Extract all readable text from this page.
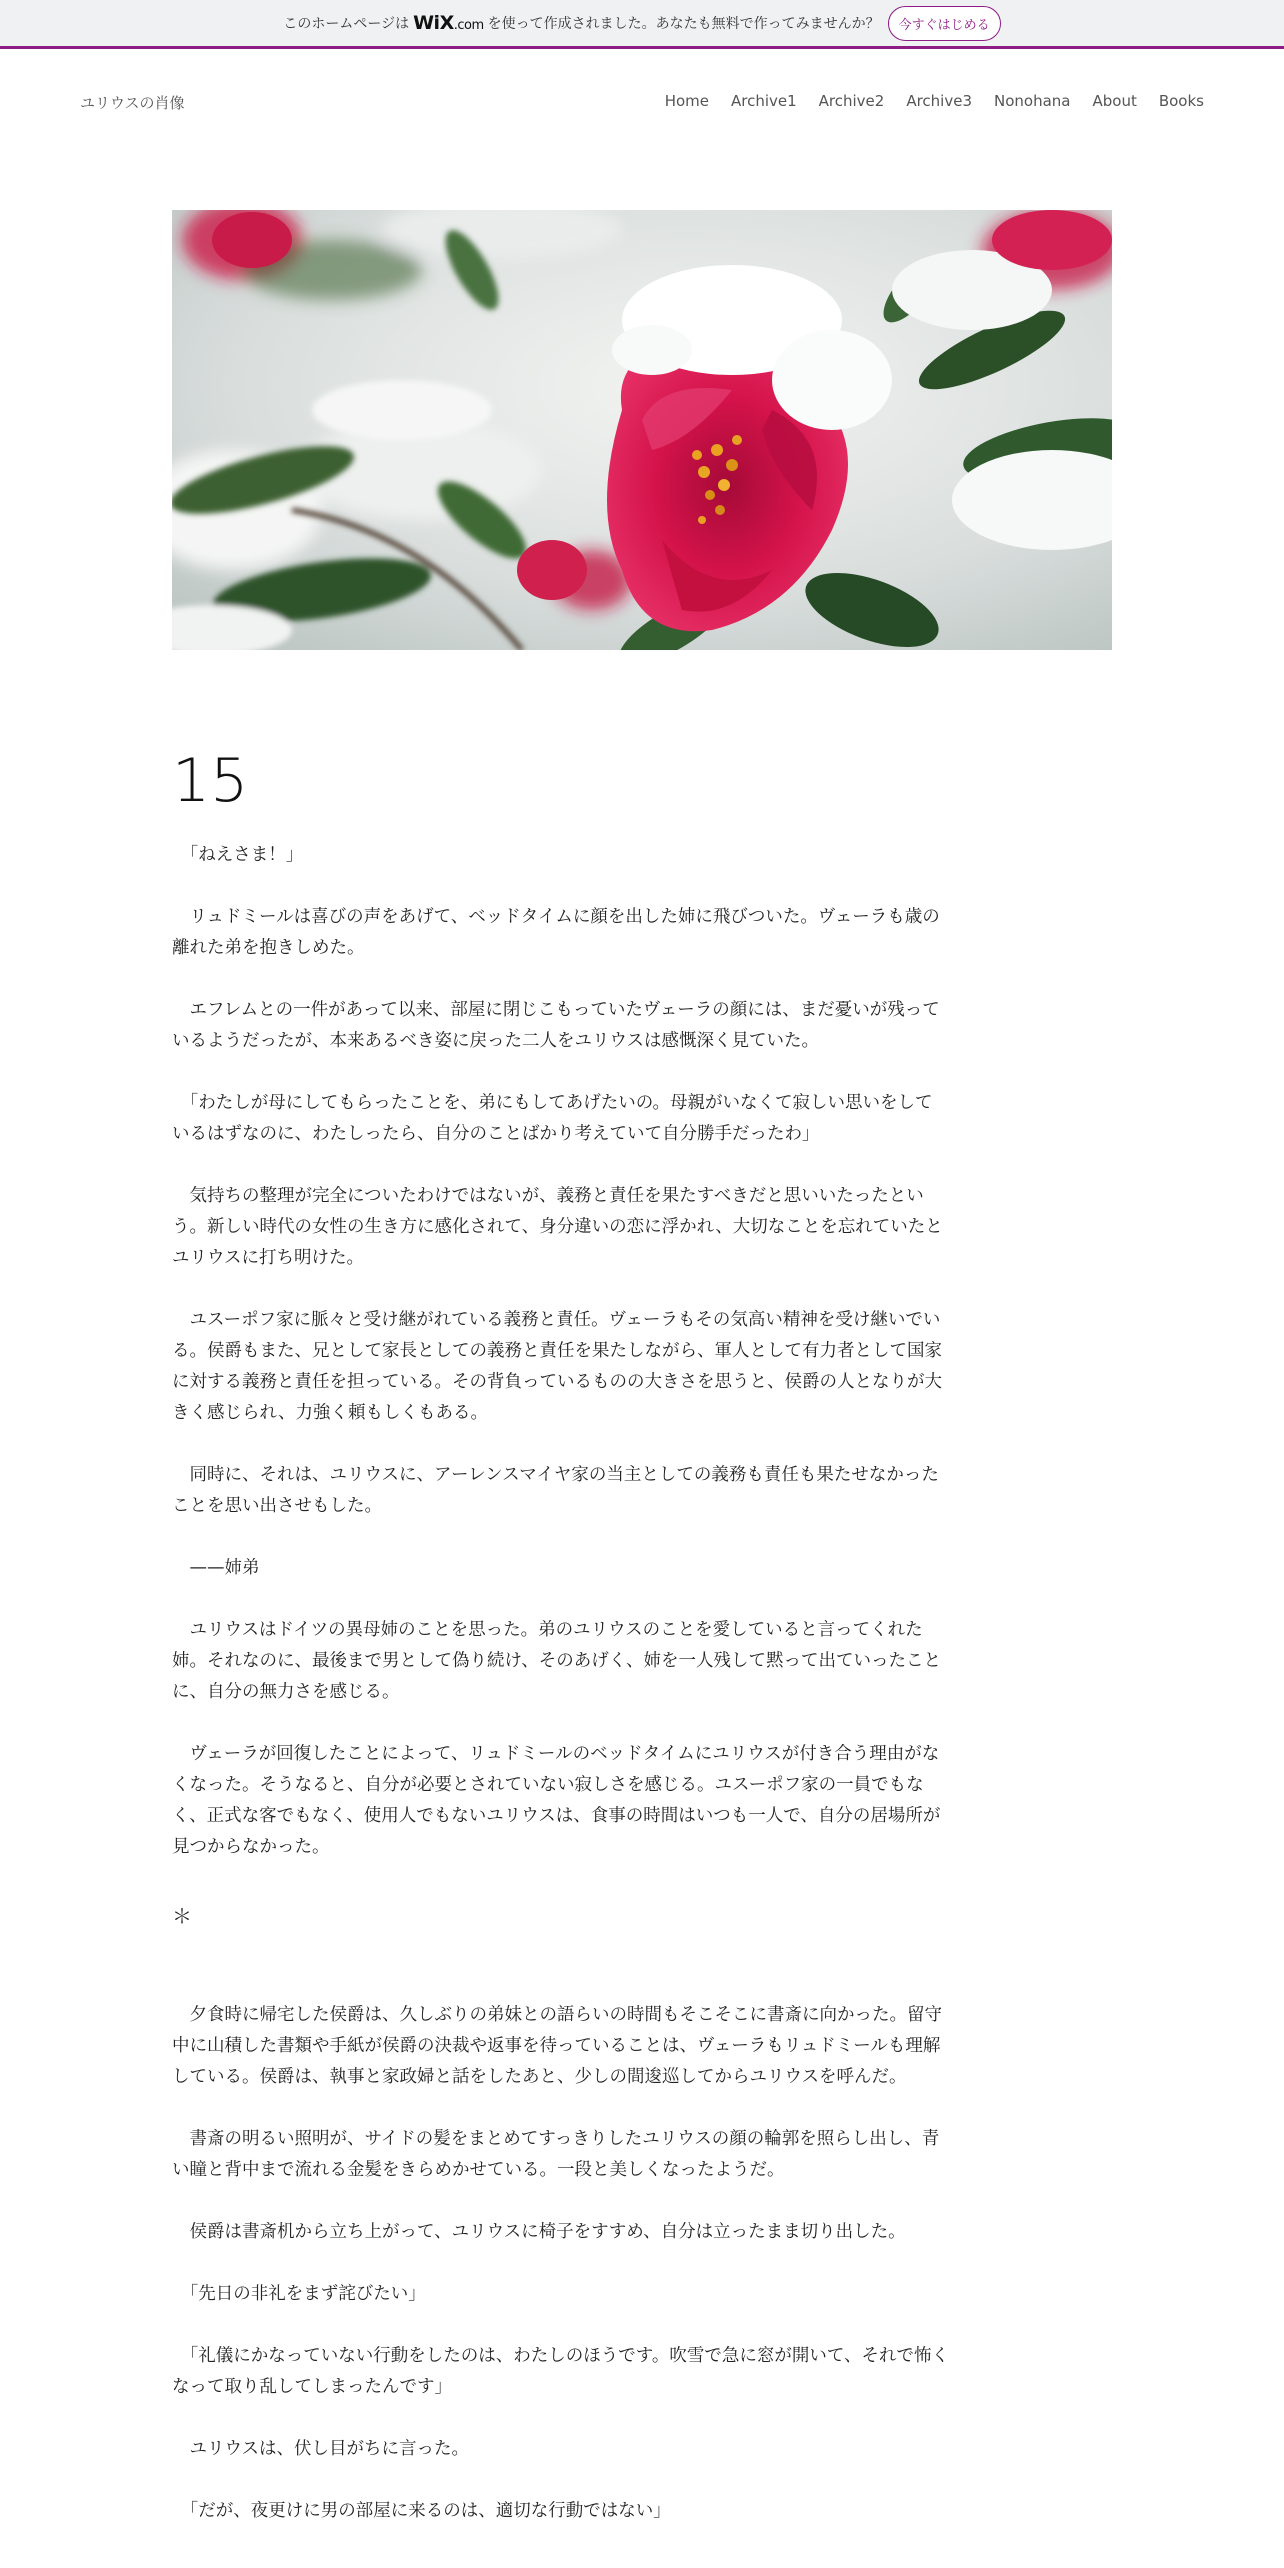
このホームページは WiX.com を使って作成されました。あなたも無料で作ってみませんか？	今すぐはじめる
ユリウスの肖像	Home Archive1 Archive2 Archive3 Nonohana About Books
15

　「ねえさま！」

　リュドミールは喜びの声をあげて、ベッドタイムに顔を出した姉に飛びついた。ヴェーラも歳の離れた弟を抱きしめた。

　エフレムとの一件があって以来、部屋に閉じこもっていたヴェーラの顔には、まだ憂いが残っているようだったが、本来あるべき姿に戻った二人をユリウスは感慨深く見ていた。

　「わたしが母にしてもらったことを、弟にもしてあげたいの。母親がいなくて寂しい思いをしているはずなのに、わたしったら、自分のことばかり考えていて自分勝手だったわ」

　気持ちの整理が完全についたわけではないが、義務と責任を果たすべきだと思いいたったという。新しい時代の女性の生き方に感化されて、身分違いの恋に浮かれ、大切なことを忘れていたとユリウスに打ち明けた。

　ユスーポフ家に脈々と受け継がれている義務と責任。ヴェーラもその気高い精神を受け継いでいる。侯爵もまた、兄として家長としての義務と責任を果たしながら、軍人として有力者として国家に対する義務と責任を担っている。その背負っているものの大きさを思うと、侯爵の人となりが大きく感じられ、力強く頼もしくもある。

　同時に、それは、ユリウスに、アーレンスマイヤ家の当主としての義務も責任も果たせなかったことを思い出させもした。

　——姉弟

　ユリウスはドイツの異母姉のことを思った。弟のユリウスのことを愛していると言ってくれた姉。それなのに、最後まで男として偽り続け、そのあげく、姉を一人残して黙って出ていったことに、自分の無力さを感じる。

　ヴェーラが回復したことによって、リュドミールのベッドタイムにユリウスが付き合う理由がなくなった。そうなると、自分が必要とされていない寂しさを感じる。ユスーポフ家の一員でもなく、正式な客でもなく、使用人でもないユリウスは、食事の時間はいつも一人で、自分の居場所が見つからなかった。

＊

　夕食時に帰宅した侯爵は、久しぶりの弟妹との語らいの時間もそこそこに書斎に向かった。留守中に山積した書類や手紙が侯爵の決裁や返事を待っていることは、ヴェーラもリュドミールも理解している。侯爵は、執事と家政婦と話をしたあと、少しの間逡巡してからユリウスを呼んだ。

　書斎の明るい照明が、サイドの髪をまとめてすっきりしたユリウスの顔の輪郭を照らし出し、青い瞳と背中まで流れる金髪をきらめかせている。一段と美しくなったようだ。

　侯爵は書斎机から立ち上がって、ユリウスに椅子をすすめ、自分は立ったまま切り出した。

　「先日の非礼をまず詫びたい」

　「礼儀にかなっていない行動をしたのは、わたしのほうです。吹雪で急に窓が開いて、それで怖くなって取り乱してしまったんです」

　ユリウスは、伏し目がちに言った。

　「だが、夜更けに男の部屋に来るのは、適切な行動ではない」
